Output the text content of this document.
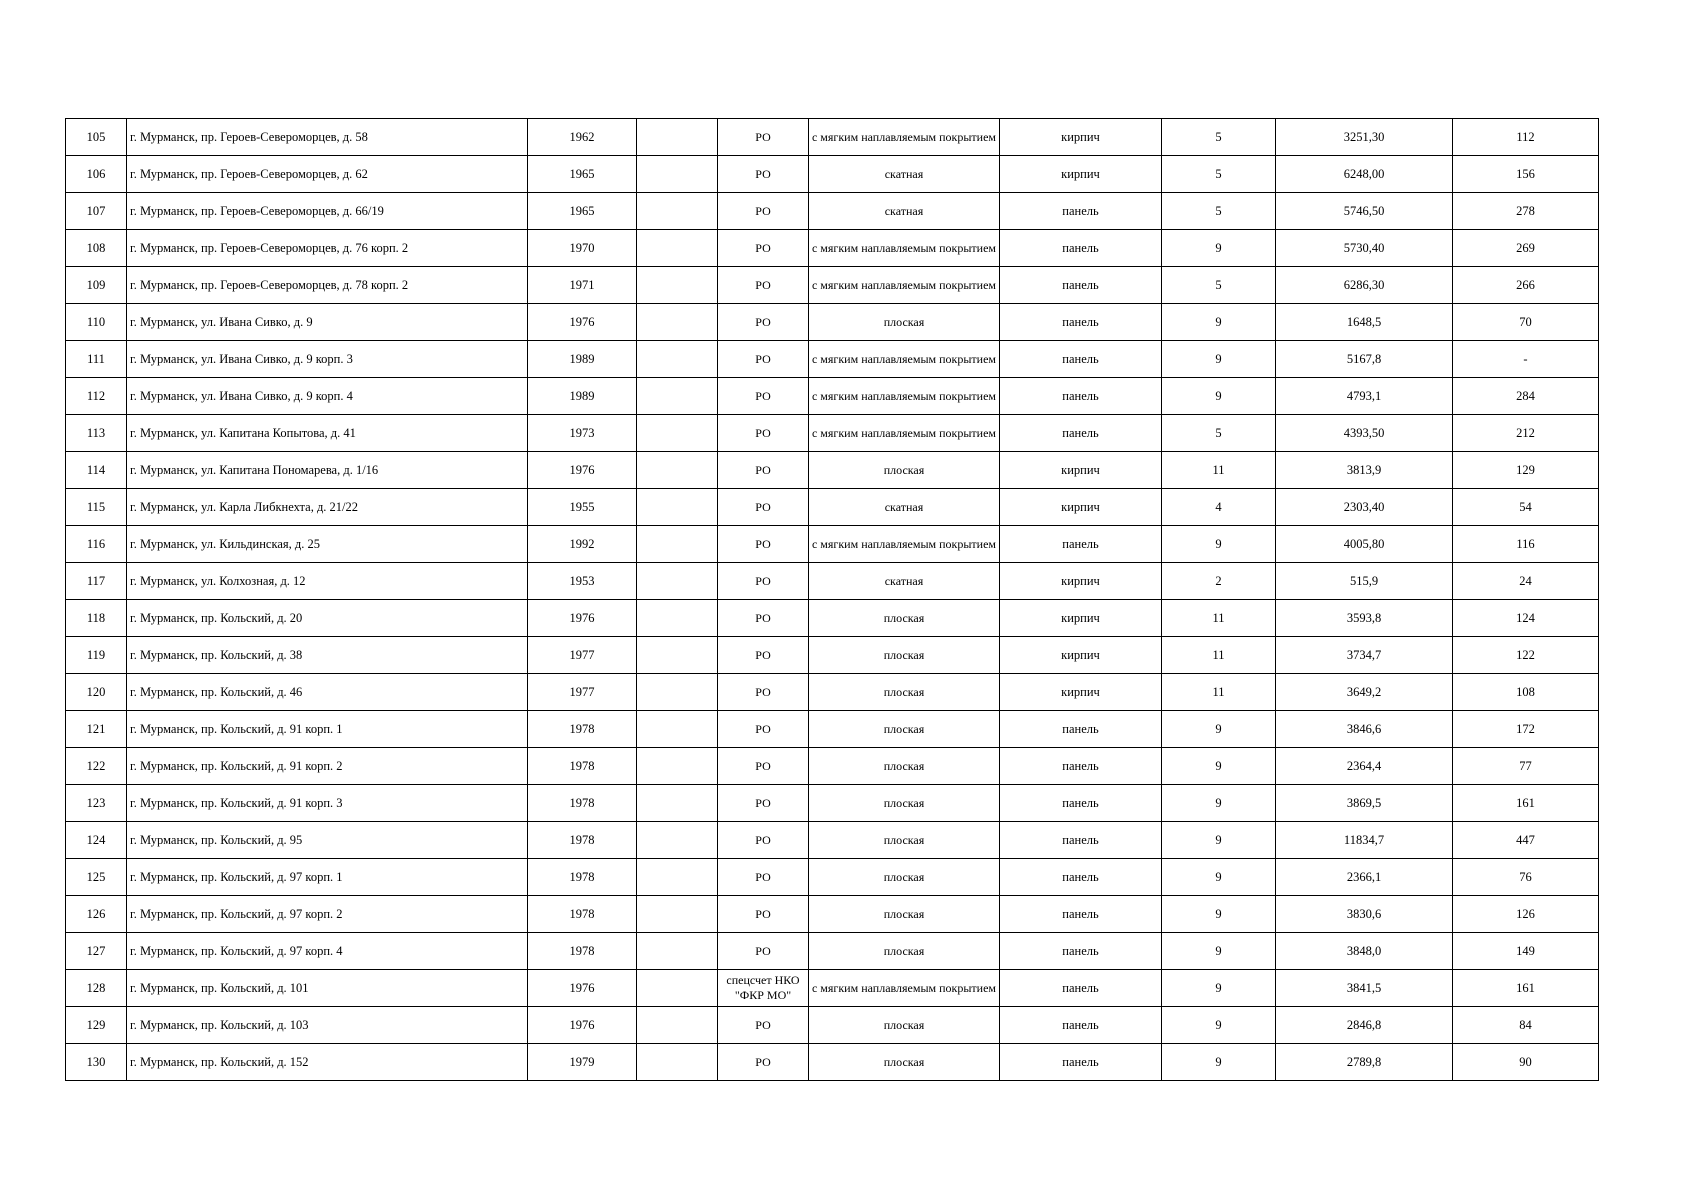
105	г. Мурманск, пр. Героев-Североморцев, д. 58	1962		РО	с мягким наплавляемым покрытием	кирпич	5	3251,30	112
106	г. Мурманск, пр. Героев-Североморцев, д. 62	1965		РО	скатная	кирпич	5	6248,00	156
107	г. Мурманск, пр. Героев-Североморцев, д. 66/19	1965		РО	скатная	панель	5	5746,50	278
108	г. Мурманск, пр. Героев-Североморцев, д. 76 корп. 2	1970		РО	с мягким наплавляемым покрытием	панель	9	5730,40	269
109	г. Мурманск, пр. Героев-Североморцев, д. 78 корп. 2	1971		РО	с мягким наплавляемым покрытием	панель	5	6286,30	266
110	г. Мурманск, ул. Ивана Сивко, д. 9	1976		РО	плоская	панель	9	1648,5	70
111	г. Мурманск, ул. Ивана Сивко, д. 9 корп. 3	1989		РО	с мягким наплавляемым покрытием	панель	9	5167,8	-
112	г. Мурманск, ул. Ивана Сивко, д. 9 корп. 4	1989		РО	с мягким наплавляемым покрытием	панель	9	4793,1	284
113	г. Мурманск, ул. Капитана Копытова, д. 41	1973		РО	с мягким наплавляемым покрытием	панель	5	4393,50	212
114	г. Мурманск, ул. Капитана Пономарева, д. 1/16	1976		РО	плоская	кирпич	11	3813,9	129
115	г. Мурманск, ул. Карла Либкнехта, д. 21/22	1955		РО	скатная	кирпич	4	2303,40	54
116	г. Мурманск, ул. Кильдинская, д. 25	1992		РО	с мягким наплавляемым покрытием	панель	9	4005,80	116
117	г. Мурманск, ул. Колхозная, д. 12	1953		РО	скатная	кирпич	2	515,9	24
118	г. Мурманск, пр. Кольский, д. 20	1976		РО	плоская	кирпич	11	3593,8	124
119	г. Мурманск, пр. Кольский, д. 38	1977		РО	плоская	кирпич	11	3734,7	122
120	г. Мурманск, пр. Кольский, д. 46	1977		РО	плоская	кирпич	11	3649,2	108
121	г. Мурманск, пр. Кольский, д. 91 корп. 1	1978		РО	плоская	панель	9	3846,6	172
122	г. Мурманск, пр. Кольский, д. 91 корп. 2	1978		РО	плоская	панель	9	2364,4	77
123	г. Мурманск, пр. Кольский, д. 91 корп. 3	1978		РО	плоская	панель	9	3869,5	161
124	г. Мурманск, пр. Кольский, д. 95	1978		РО	плоская	панель	9	11834,7	447
125	г. Мурманск, пр. Кольский, д. 97 корп. 1	1978		РО	плоская	панель	9	2366,1	76
126	г. Мурманск, пр. Кольский, д. 97 корп. 2	1978		РО	плоская	панель	9	3830,6	126
127	г. Мурманск, пр. Кольский, д. 97 корп. 4	1978		РО	плоская	панель	9	3848,0	149
128	г. Мурманск, пр. Кольский, д. 101	1976		спецсчет НКО "ФКР МО"	с мягким наплавляемым покрытием	панель	9	3841,5	161
129	г. Мурманск, пр. Кольский, д. 103	1976		РО	плоская	панель	9	2846,8	84
130	г. Мурманск, пр. Кольский, д. 152	1979		РО	плоская	панель	9	2789,8	90
